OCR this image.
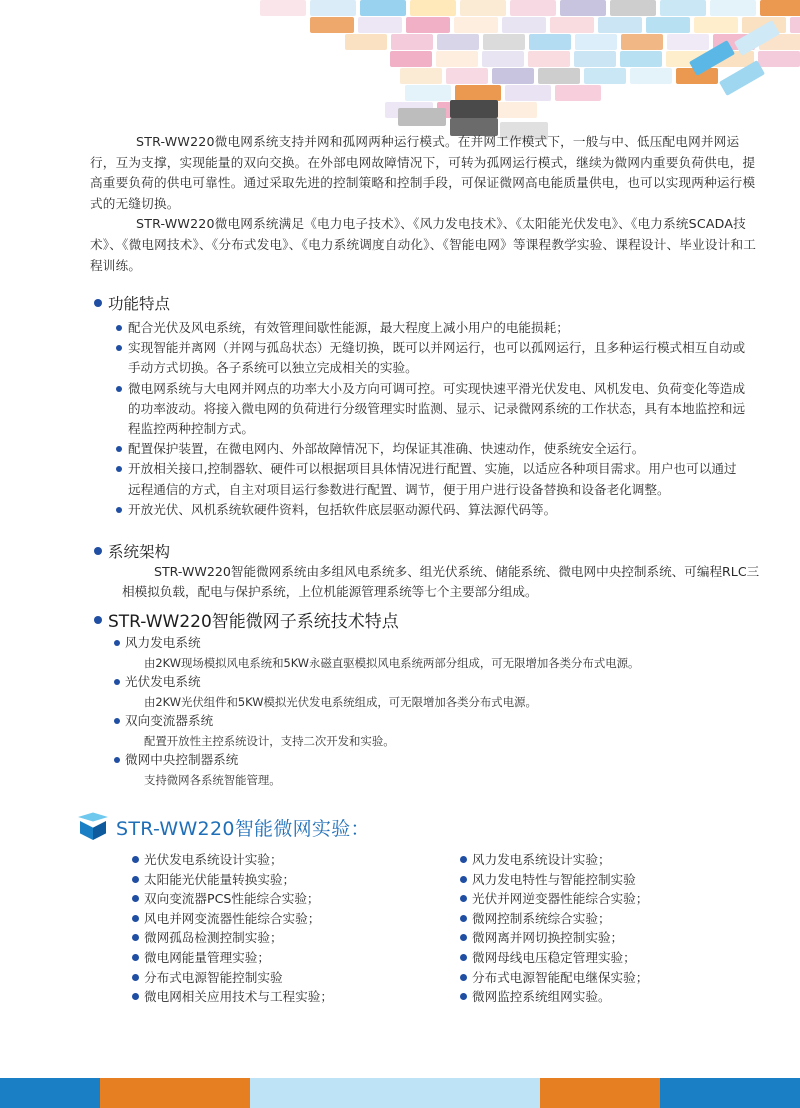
STR-WW220微电网系统支持并网和孤网两种运行模式。在并网工作模式下，一般与中、低压配电网并网运行，互为支撑，实现能量的双向交换。在外部电网故障情况下，可转为孤网运行模式，继续为微网内重要负荷供电，提高重要负荷的供电可靠性。通过采取先进的控制策略和控制手段，可保证微网高电能质量供电，也可以实现两种运行模式的无缝切换。

STR-WW220微电网系统满足《电力电子技术》、《风力发电技术》、《太阳能光伏发电》、《电力系统SCADA技术》、《微电网技术》、《分布式发电》、《电力系统调度自动化》、《智能电网》等课程教学实验、课程设计、毕业设计和工程训练。

功能特点
配合光伏及风电系统，有效管理间歇性能源，最大程度上减小用户的电能损耗；
实现智能并离网（并网与孤岛状态）无缝切换，既可以并网运行，也可以孤网运行，且多种运行模式相互自动或手动方式切换。各子系统可以独立完成相关的实验。
微电网系统与大电网并网点的功率大小及方向可调可控。可实现快速平滑光伏发电、风机发电、负荷变化等造成的功率波动。将接入微电网的负荷进行分级管理实时监测、显示、记录微网系统的工作状态，具有本地监控和远程监控两种控制方式。
配置保护装置，在微电网内、外部故障情况下，均保证其准确、快速动作，使系统安全运行。
开放相关接口,控制器软、硬件可以根据项目具体情况进行配置、实施，以适应各种项目需求。用户也可以通过远程通信的方式，自主对项目运行参数进行配置、调节，便于用户进行设备替换和设备老化调整。
开放光伏、风机系统软硬件资料，包括软件底层驱动源代码、算法源代码等。
系统架构

STR-WW220智能微网系统由多组风电系统多、组光伏系统、储能系统、微电网中央控制系统、可编程RLC三相模拟负载，配电与保护系统，上位机能源管理系统等七个主要部分组成。

STR-WW220智能微网子系统技术特点
风力发电系统
由2KW现场模拟风电系统和5KW永磁直驱模拟风电系统两部分组成，可无限增加各类分布式电源。
光伏发电系统
由2KW光伏组件和5KW模拟光伏发电系统组成，可无限增加各类分布式电源。
双向变流器系统
配置开放性主控系统设计，支持二次开发和实验。
微网中央控制器系统
支持微网各系统智能管理。
STR-WW220智能微网实验：
光伏发电系统设计实验；
太阳能光伏能量转换实验；
双向变流器PCS性能综合实验；
风电并网变流器性能综合实验；
微网孤岛检测控制实验；
微电网能量管理实验；
分布式电源智能控制实验
微电网相关应用技术与工程实验；
风力发电系统设计实验；
风力发电特性与智能控制实验
光伏并网逆变器性能综合实验；
微网控制系统综合实验；
微网离并网切换控制实验；
微网母线电压稳定管理实验；
分布式电源智能配电继保实验；
微网监控系统组网实验。
